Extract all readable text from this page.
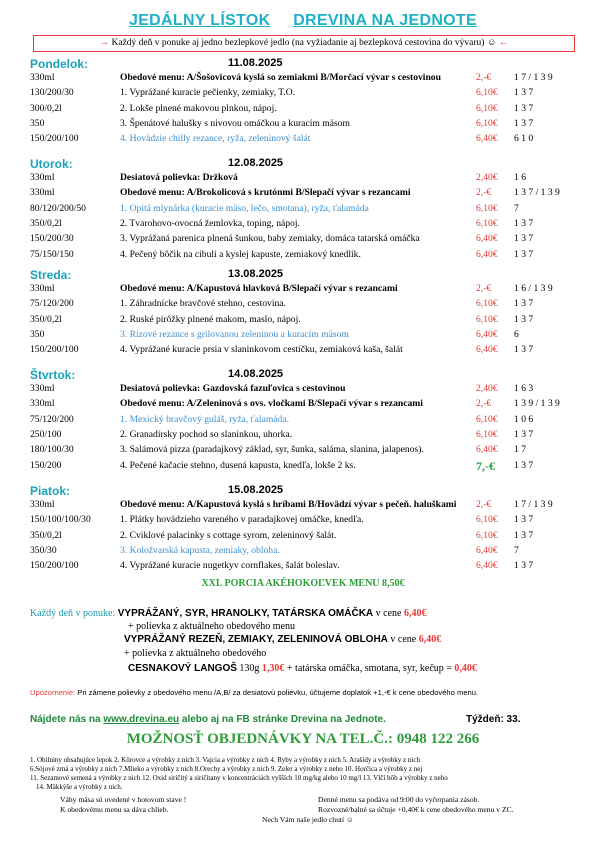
JEDÁLNY LÍSTOK DREVINA NA JEDNOTE
→ Každý deň v ponuke aj jedno bezlepkové jedlo (na vyžiadanie aj bezlepková cestovina do vývaru) ☺ ←
Pondelok:	11.08.2025
330ml	Obedové menu: A/Šošovicová kyslá so zemiakmi B/Morčací vývar s cestovinou	2,-€ 1 7 / 1 3 9
130/200/30	1. Vyprážané kuracie pečienky, zemiaky, T.O.	6,10€ 1 3 7
300/0,2l	2. Lokše plnené makovou plnkou, nápoj.	6,10€ 1 3 7
350	3. Špenátové halušky s nivovou omáčkou a kuracím mäsom	6,10€ 1 3 7
150/200/100	4. Hovädzie chilly rezance, ryža, zeleninový šalát	6,40€ 6 1 0
Utorok:	12.08.2025
330ml	Desiatová polievka: Držková	2,40€ 1 6
330ml	Obedové menu: A/Brokolicová s krutónmi B/Slepačí vývar s rezancami	2,-€ 1 3 7 / 1 3 9
80/120/200/50	1. Opitá mlynárka (kuracie mäso, lečo, smotana), ryža, ťalamáda	6,10€ 7
350/0,2l	2. Tvarohovo-ovocná žemlovka, toping, nápoj.	6,10€ 1 3 7
150/200/30	3. Vyprážaná parenica plnená šunkou, baby zemiaky, domáca tatarská omáčka	6,40€ 1 3 7
75/150/150	4. Pečený bôčik na cibuli a kyslej kapuste, zemiakový knedlík.	6,40€ 1 3 7
Streda:	13.08.2025
330ml	Obedové menu: A/Kapustová hlavková B/Slepačí vývar s rezancami	2,-€ 1 6 / 1 3 9
75/120/200	1. Záhradnícke bravčové stehno, cestovina.	6,10€ 1 3 7
350/0,2l	2. Ruské pirôžky plnené makom, maslo, nápoj.	6,10€ 1 3 7
350	3. Rizové rezance s grilovanou zeleninou a kuracím mäsom	6,40€ 6
150/200/100	4. Vyprážané kuracie prsia v slaninkovom cestíčku, zemiaková kaša, šalát	6,40€ 1 3 7
Štvrtok:	14.08.2025
330ml	Desiatová polievka: Gazdovská fazuľovica s cestovinou	2,40€ 1 6 3
330ml	Obedové menu: A/Zeleninová s ovs. vločkami B/Slepačí vývar s rezancami	2,-€ 1 3 9 / 1 3 9
75/120/200	1. Mexický bravčový guláš, ryža, ťalamáda.	6,10€ 1 0 6
250/100	2. Granadírsky pochod so slaninkou, uhorka.	6,10€ 1 3 7
180/100/30	3. Salámová pizza (paradajkový základ, syr, šunka, saláma, slanina, jalapenos).	6,40€ 1 7
150/200	4. Pečené kačacie stehno, dusená kapusta, knedľa, lokše 2 ks.	7,-€ 1 3 7
Piatok:	15.08.2025
330ml	Obedové menu: A/Kapustová kyslá s hríbami B/Hovädzí vývar s pečeň. haluškami 2,-€ 1 7 / 1 3 9
150/100/100/30	1. Plátky hovädzieho vareného v paradajkovej omáčke, knedľa.	6,10€ 1 3 7
350/0,2l	2. Cviklové palacinky s cottage syrom, zeleninový šalát.	6,10€ 1 3 7
350/30	3. Koložvarská kapusta, zemiaky, obloha.	6,40€ 7
150/200/100	4. Vyprážané kuracie nugetkyv cornflakes, šalát boleslav.	6,40€ 1 3 7
XXL PORCIA AKÉHOKOĽVEK MENU 8,50€
Každý deň v ponuke: VYPRÁŽANÝ, SYR, HRANOLKY, TATÁRSKA OMÁČKA v cene 6,40€
+ polievka z aktuálneho obedového menu
VYPRÁŽANÝ REZEŇ, ZEMIAKY, ZELENINOVÁ OBLOHA v cene 6,40€
+ polievka z aktuálneho obedového
CESNAKOVÝ LANGOŠ 130g 1,30€ + tatárska omáčka, smotana, syr, kečup = 0,40€
Upozornenie: Pri zámene polievky z obedového menu /A,B/ za desiatovú polievku, účtujeme doplatok +1,-€ k cene obedového menu.
Nájdete nás na www.drevina.eu alebo aj na FB stránke Drevina na Jednote.	Týždeň: 33.
MOŽNOSŤ OBJEDNÁVKY NA TEL.Č.: 0948 122 266
1. Obilniny obsahujúce lepok 2. Kôrovce a výrobky z nich 3. Vajcia a výrobky z nich 4. Ryby a výrobky z nich 5. Arašidy a výrobky z nich
6.Sójové zrná a výrobky z nich 7.Mlieko a výrobky z nich 8.Orechy a výrobky z nich 9. Zeler a výrobky z neho 10. Horčica a výrobky z nej
11. Sezamové semená a výrobky z nich 12. Oxid siričitý a siričitany v koncentráciách vyšších 10 mg/kg alebo 10 mg/l 13. Vlčí bôb a výrobky z neho
14. Mäkkýše a výrobky z nich.
Váhy mäsa sú uvedené v hotovom stave !
K obedovému menu sa dáva chlieb.
Denné menu sa podáva od 9:00 do vyčerpania zásob.
Rozvozné/balné sa účtuje +0,40€ k cene obedového menu v ZC.
Nech Vám naše jedlo chutí ☺
